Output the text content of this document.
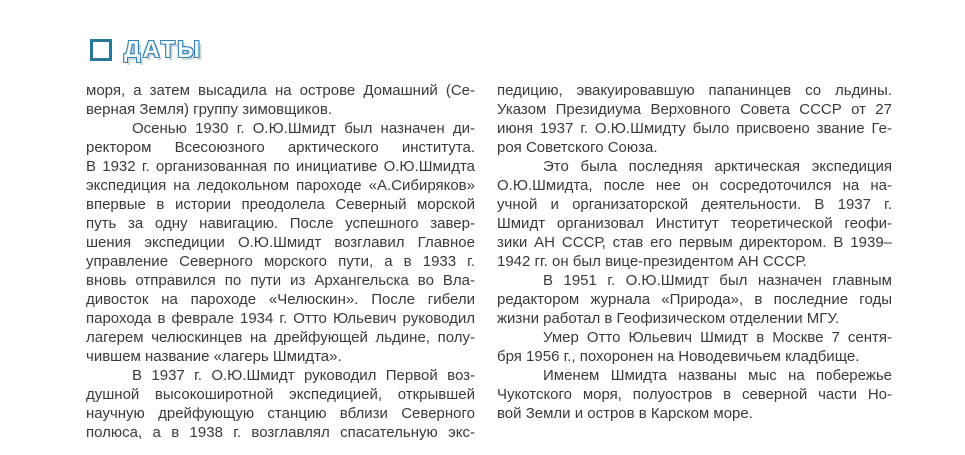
ДАТЫ
моря, а затем высадила на острове Домашний (Се-
верная Земля) группу зимовщиков.
Осенью 1930 г. О.Ю.Шмидт был назначен ди-
ректором Всесоюзного арктического института.
В 1932 г. организованная по инициативе О.Ю.Шмидта
экспедиция на ледокольном пароходе «А.Сибиряков»
впервые в истории преодолела Северный морской
путь за одну навигацию. После успешного завер-
шения экспедиции О.Ю.Шмидт возглавил Главное
управление Северного морского пути, а в 1933 г.
вновь отправился по пути из Архангельска во Вла-
дивосток на пароходе «Челюскин». После гибели
парохода в феврале 1934 г. Отто Юльевич руководил
лагерем челюскинцев на дрейфующей льдине, полу-
чившем название «лагерь Шмидта».
В 1937 г. О.Ю.Шмидт руководил Первой воз-
душной высокоширотной экспедицией, открывшей
научную дрейфующую станцию вблизи Северного
полюса, а в 1938 г. возглавлял спасательную экс-
педицию, эвакуировавшую папанинцев со льдины.
Указом Президиума Верховного Совета СССР от 27
июня 1937 г. О.Ю.Шмидту было присвоено звание Ге-
роя Советского Союза.
Это была последняя арктическая экспедиция
О.Ю.Шмидта, после нее он сосредоточился на на-
учной и организаторской деятельности. В 1937 г.
Шмидт организовал Институт теоретической геофи-
зики АН СССР, став его первым директором. В 1939–
1942 гг. он был вице-президентом АН СССР.
В 1951 г. О.Ю.Шмидт был назначен главным
редактором журнала «Природа», в последние годы
жизни работал в Геофизическом отделении МГУ.
Умер Отто Юльевич Шмидт в Москве 7 сентя-
бря 1956 г., похоронен на Новодевичьем кладбище.
Именем Шмидта названы мыс на побережье
Чукотского моря, полуостров в северной части Но-
вой Земли и остров в Карском море.
